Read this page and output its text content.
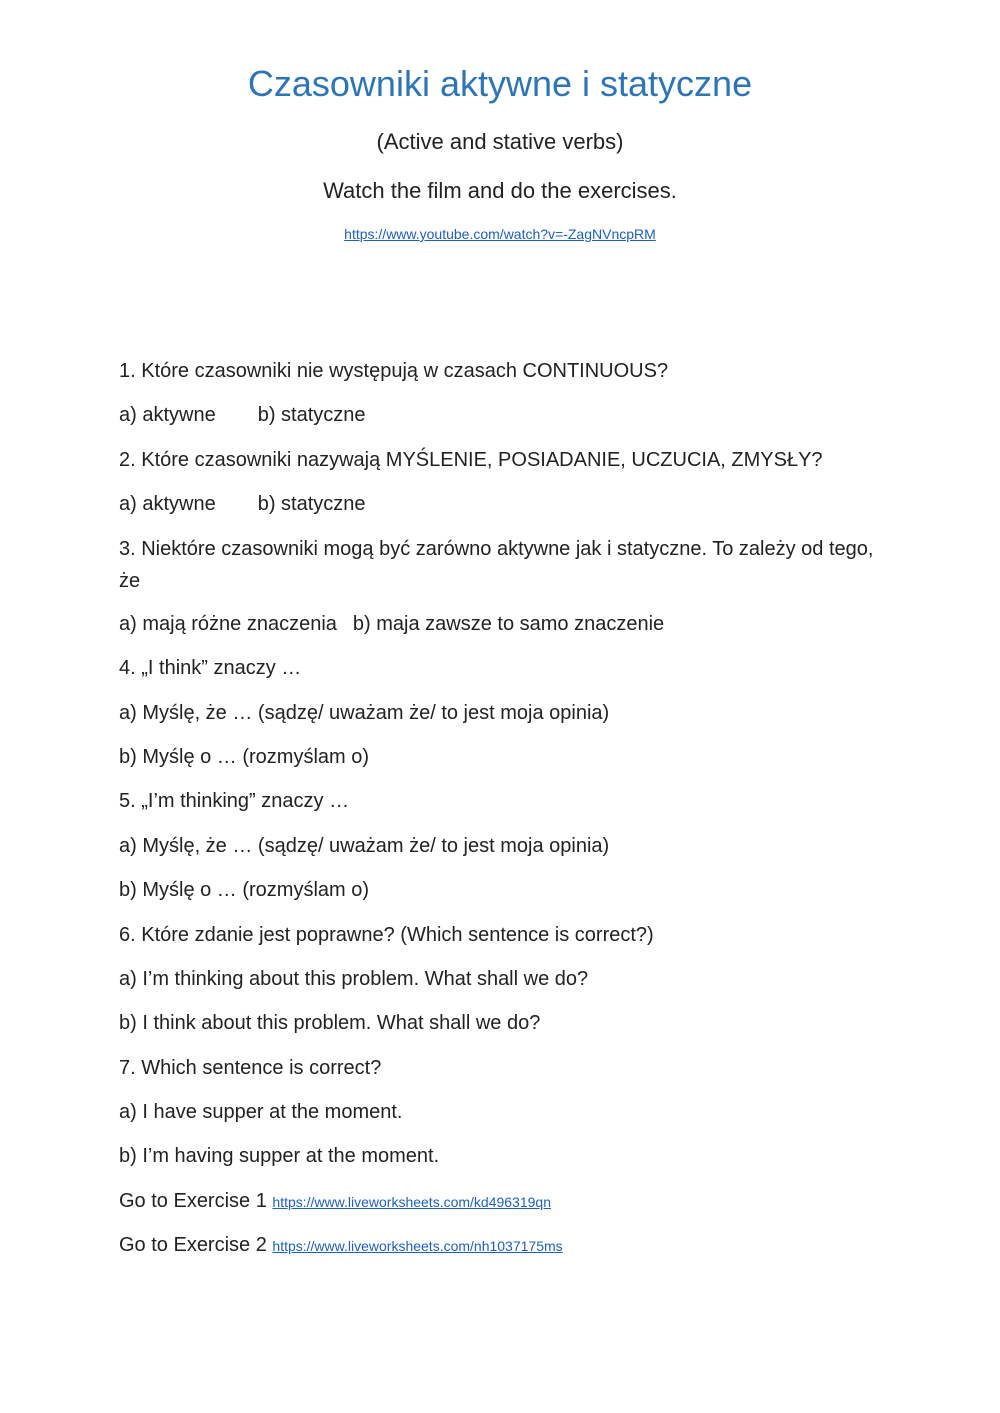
Czasowniki aktywne i statyczne
(Active and stative verbs)
Watch the film and do the exercises.
https://www.youtube.com/watch?v=-ZagNVncpRM
1. Które czasowniki nie występują w czasach CONTINUOUS?
a) aktywne b) statyczne
2. Które czasowniki nazywają MYŚLENIE, POSIADANIE, UCZUCIA, ZMYSŁY?
a) aktywne b) statyczne
3. Niektóre czasowniki mogą być zarówno aktywne jak i statyczne. To zależy od tego, że
a) mają różne znaczenia b) maja zawsze to samo znaczenie
4. „I think” znaczy …
a) Myślę, że … (sądzę/ uważam że/ to jest moja opinia)
b) Myślę o … (rozmyślam o)
5. „I’m thinking” znaczy …
a) Myślę, że … (sądzę/ uważam że/ to jest moja opinia)
b) Myślę o … (rozmyślam o)
6. Które zdanie jest poprawne? (Which sentence is correct?)
a) I’m thinking about this problem. What shall we do?
b) I think about this problem. What shall we do?
7. Which sentence is correct?
a) I have supper at the moment.
b) I’m having supper at the moment.
Go to Exercise 1 https://www.liveworksheets.com/kd496319qn
Go to Exercise 2 https://www.liveworksheets.com/nh1037175ms
